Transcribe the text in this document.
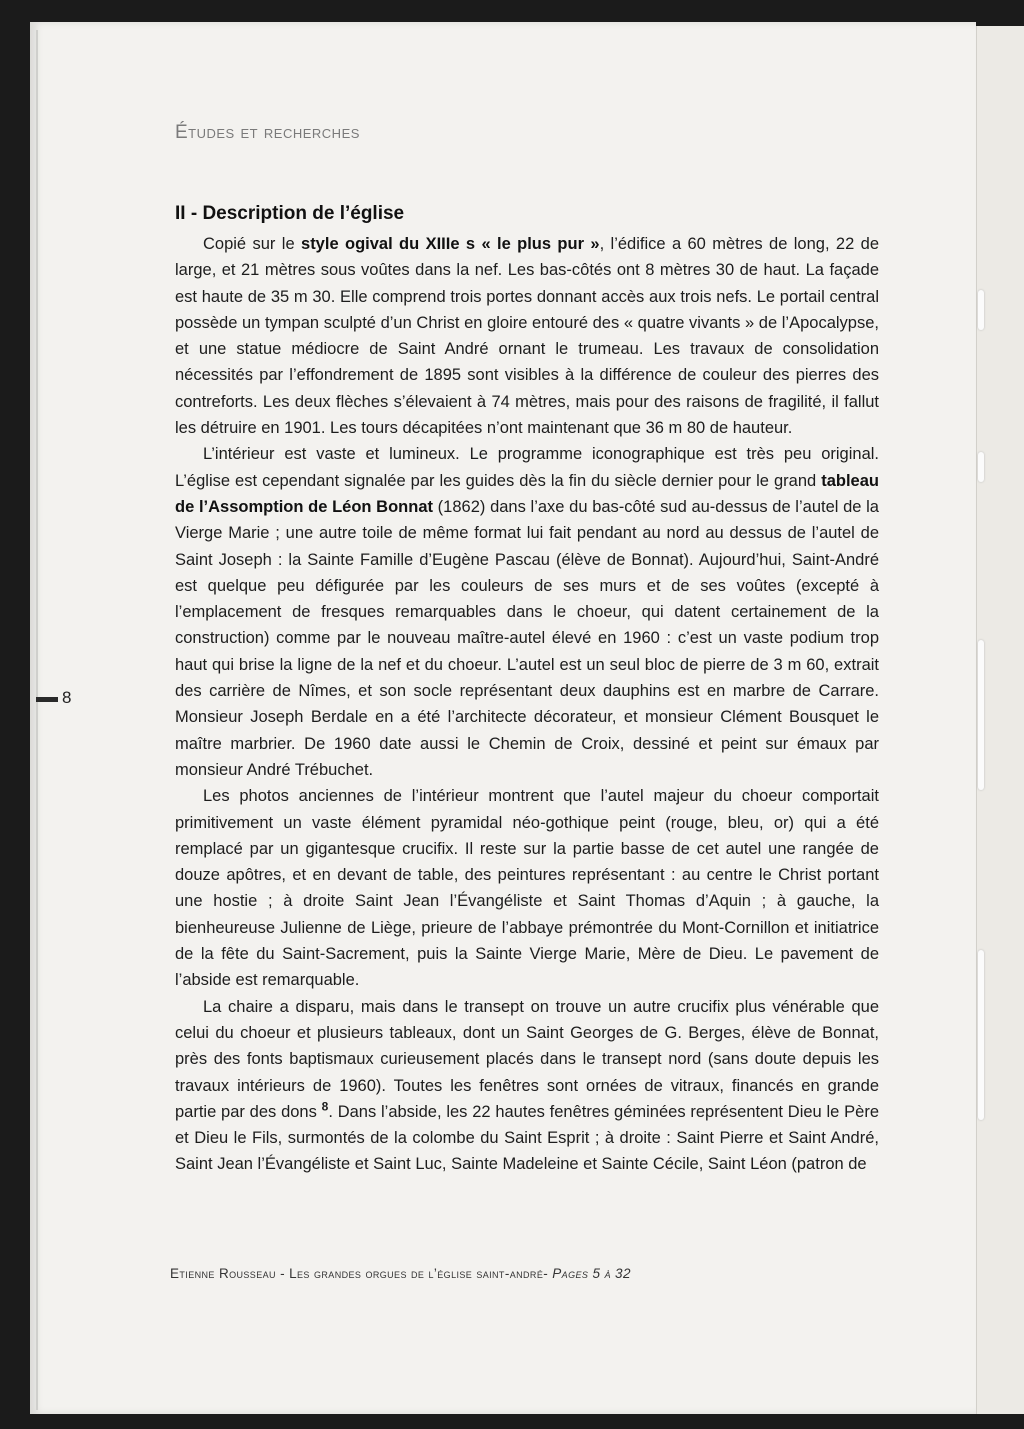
Études et recherches
II - Description de l’église

Copié sur le style ogival du XIIIe s « le plus pur », l’édifice a 60 mètres de long, 22 de large, et 21 mètres sous voûtes dans la nef. Les bas-côtés ont 8 mètres 30 de haut. La façade est haute de 35 m 30. Elle comprend trois portes donnant accès aux trois nefs. Le portail central possède un tympan sculpté d’un Christ en gloire entouré des « quatre vivants » de l’Apocalypse, et une statue médiocre de Saint André ornant le trumeau. Les travaux de consolidation nécessités par l’effondrement de 1895 sont visibles à la différence de couleur des pierres des contreforts. Les deux flèches s’élevaient à 74 mètres, mais pour des raisons de fragilité, il fallut les détruire en 1901. Les tours décapitées n’ont maintenant que 36 m 80 de hauteur.

L’intérieur est vaste et lumineux. Le programme iconographique est très peu original. L’église est cependant signalée par les guides dès la fin du siècle dernier pour le grand tableau de l’Assomption de Léon Bonnat (1862) dans l’axe du bas-côté sud au-dessus de l’autel de la Vierge Marie ; une autre toile de même format lui fait pendant au nord au dessus de l’autel de Saint Joseph : la Sainte Famille d’Eugène Pascau (élève de Bonnat). Aujourd’hui, Saint-André est quelque peu défigurée par les couleurs de ses murs et de ses voûtes (excepté à l’emplacement de fresques remarquables dans le choeur, qui datent certainement de la construction) comme par le nouveau maître-autel élevé en 1960 : c’est un vaste podium trop haut qui brise la ligne de la nef et du choeur. L’autel est un seul bloc de pierre de 3 m 60, extrait des carrière de Nîmes, et son socle représentant deux dauphins est en marbre de Carrare. Monsieur Joseph Berdale en a été l’architecte décorateur, et monsieur Clément Bousquet le maître marbrier. De 1960 date aussi le Chemin de Croix, dessiné et peint sur émaux par monsieur André Trébuchet.

Les photos anciennes de l’intérieur montrent que l’autel majeur du choeur comportait primitivement un vaste élément pyramidal néo-gothique peint (rouge, bleu, or) qui a été remplacé par un gigantesque crucifix. Il reste sur la partie basse de cet autel une rangée de douze apôtres, et en devant de table, des peintures représentant : au centre le Christ portant une hostie ; à droite Saint Jean l’Évangéliste et Saint Thomas d’Aquin ; à gauche, la bienheureuse Julienne de Liège, prieure de l’abbaye prémontrée du Mont-Cornillon et initiatrice de la fête du Saint-Sacrement, puis la Sainte Vierge Marie, Mère de Dieu. Le pavement de l’abside est remarquable.

La chaire a disparu, mais dans le transept on trouve un autre crucifix plus vénérable que celui du choeur et plusieurs tableaux, dont un Saint Georges de G. Berges, élève de Bonnat, près des fonts baptismaux curieusement placés dans le transept nord (sans doute depuis les travaux intérieurs de 1960). Toutes les fenêtres sont ornées de vitraux, financés en grande partie par des dons $^8$. Dans l’abside, les 22 hautes fenêtres géminées représentent Dieu le Père et Dieu le Fils, surmontés de la colombe du Saint Esprit ; à droite : Saint Pierre et Saint André, Saint Jean l’Évangéliste et Saint Luc, Sainte Madeleine et Sainte Cécile, Saint Léon (patron de

8

Etienne Rousseau - Les grandes orgues de l’église saint-andré- Pages 5 à 32
